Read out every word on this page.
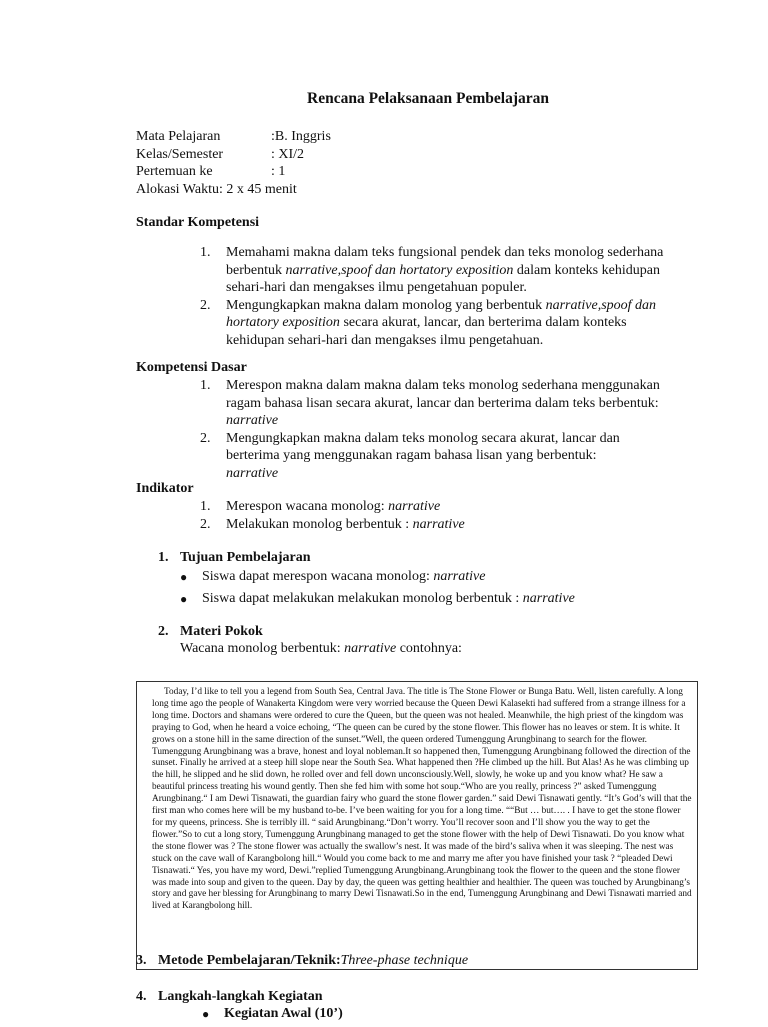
Rencana Pelaksanaan Pembelajaran
Mata Pelajaran	:B. Inggris
Kelas/Semester	: XI/2
Pertemuan ke	: 1
Alokasi Waktu : 2 x 45 menit
Standar Kompetensi
1.	Memahami makna dalam teks fungsional pendek dan teks monolog sederhana berbentuk narrative,spoof dan hortatory exposition dalam konteks kehidupan sehari-hari dan mengakses ilmu pengetahuan populer.
2.	Mengungkapkan makna dalam monolog yang berbentuk narrative,spoof dan hortatory exposition secara akurat, lancar, dan berterima dalam konteks kehidupan sehari-hari dan mengakses ilmu pengetahuan.
Kompetensi Dasar
1.	Merespon makna dalam makna dalam teks monolog sederhana menggunakan ragam bahasa lisan secara akurat, lancar dan berterima dalam teks berbentuk: narrative
2.	Mengungkapkan makna dalam teks monolog secara akurat, lancar dan berterima yang menggunakan ragam bahasa lisan yang berbentuk:
narrative
Indikator
1.	Merespon wacana monolog: narrative
2.	Melakukan monolog berbentuk : narrative
1. Tujuan Pembelajaran
●	Siswa dapat merespon wacana monolog: narrative
●	Siswa dapat melakukan melakukan monolog berbentuk : narrative
2. Materi Pokok
Wacana monolog berbentuk: narrative contohnya:
Today, I’d like to tell you a legend from South Sea, Central Java. The title is The Stone Flower or Bunga Batu. Well, listen carefully. A long long time ago the people of Wanakerta Kingdom were very worried because the Queen Dewi Kalasekti had suffered from a strange illness for a long time. Doctors and shamans were ordered to cure the Queen, but the queen was not healed. Meanwhile, the high priest of the kingdom was praying to God, when he heard a voice echoing, “The queen can be cured by the stone flower. This flower has no leaves or stem. It is white. It grows on a stone hill in the same direction of the sunset.”Well, the queen ordered Tumenggung Arungbinang to search for the flower. Tumenggung Arungbinang was a brave, honest and loyal nobleman.It so happened then, Tumenggung Arungbinang followed the direction of the sunset. Finally he arrived at a steep hill slope near the South Sea. What happened then ?He climbed up the hill. But Alas! As he was climbing up the hill, he slipped and he slid down, he rolled over and fell down unconsciously.Well, slowly, he woke up and you know what? He saw a beautiful princess treating his wound gently. Then she fed him with some hot soup.“Who are you really, princess ?” asked Tumenggung Arungbinang.“ I am Dewi Tisnawati, the guardian fairy who guard the stone flower garden.” said Dewi Tisnawati gently. “It’s God’s will that the first man who comes here will be my husband to-be. I’ve been waiting for you for a long time. ““But … but…. . I have to get the stone flower for my queens, princess. She is terribly ill. “ said Arungbinang.“Don’t worry. You’ll recover soon and I’ll show you the way to get the flower.”So to cut a long story, Tumenggung Arungbinang managed to get the stone flower with the help of Dewi Tisnawati. Do you know what the stone flower was ? The stone flower was actually the swallow’s nest. It was made of the bird’s saliva when it was sleeping. The nest was stuck on the cave wall of Karangbolong hill.“ Would you come back to me and marry me after you have finished your task ? “pleaded Dewi Tisnawati.“ Yes, you have my word, Dewi.”replied Tumenggung Arungbinang.Arungbinang took the flower to the queen and the stone flower was made into soup and given to the queen. Day by day, the queen was getting healthier and healthier. The queen was touched by Arungbinang’s story and gave her blessing for Arungbinang to marry Dewi Tisnawati.So in the end, Tumenggung Arungbinang and Dewi Tisnawati married and lived at Karangbolong hill.
3. Metode Pembelajaran/Teknik: Three-phase technique
4. Langkah-langkah Kegiatan
●	Kegiatan Awal (10’)
